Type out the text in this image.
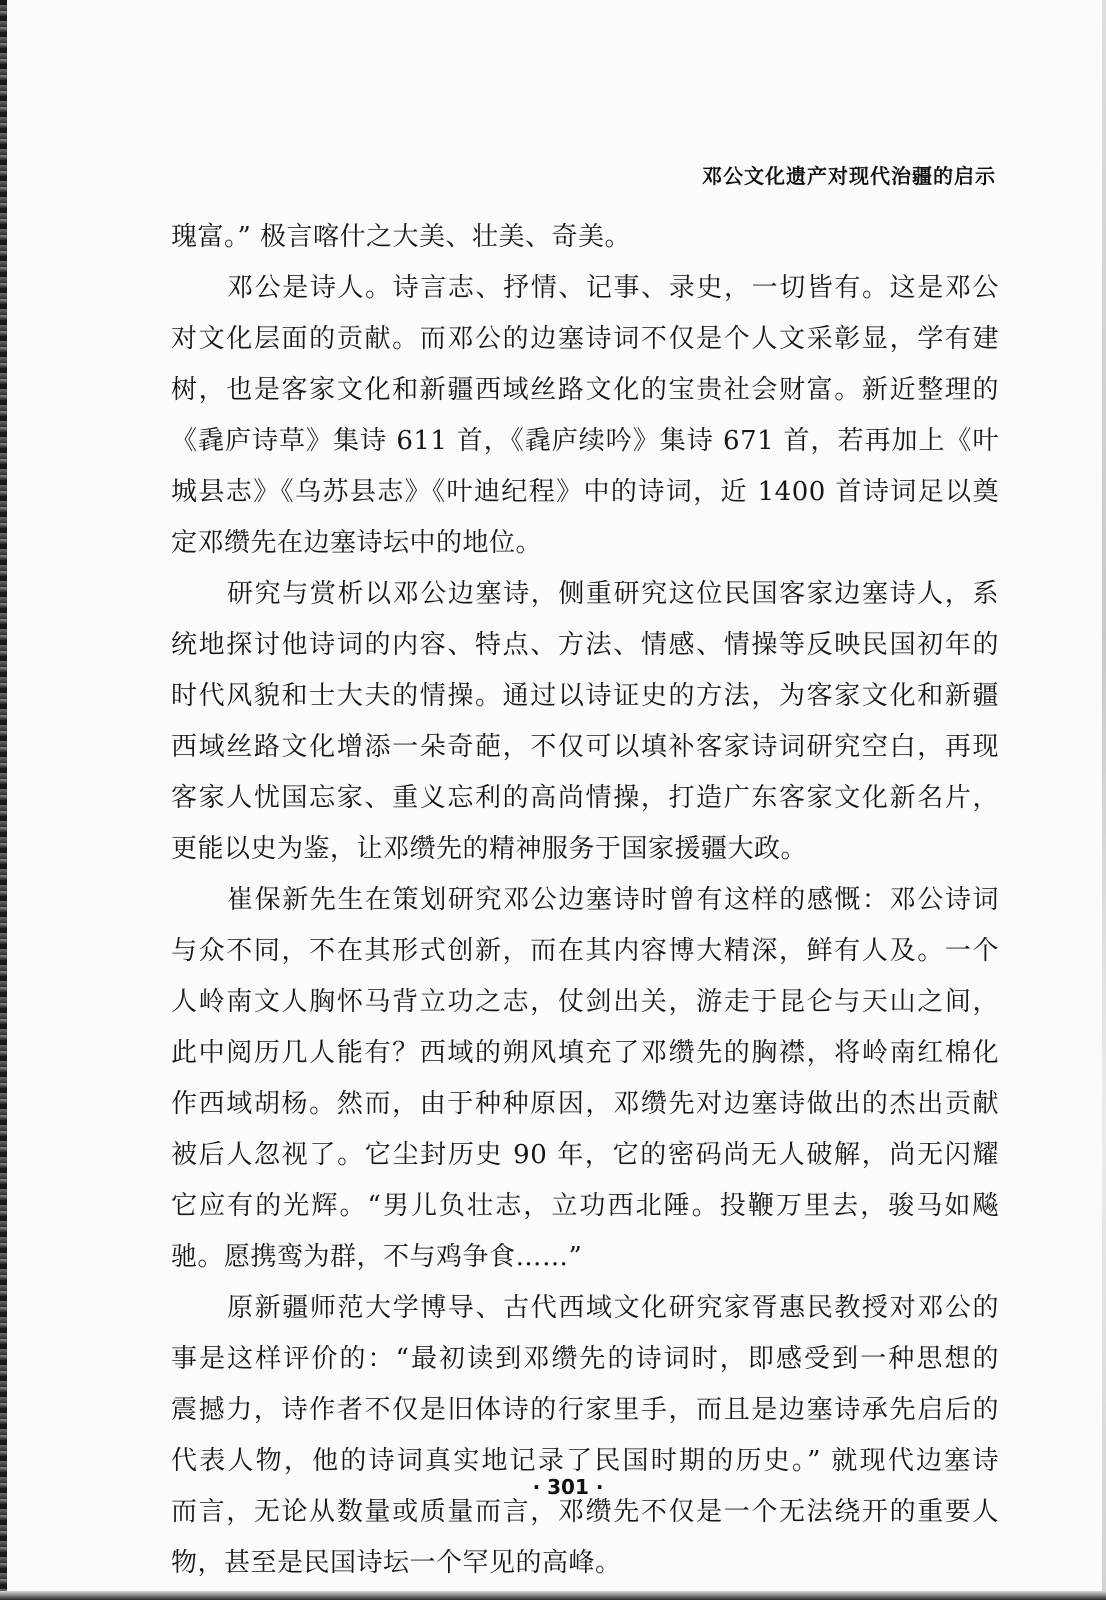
邓公文化遗产对现代治疆的启示
瑰富。” 极言喀什之大美、壮美、奇美。
邓公是诗人。诗言志、抒情、记事、录史，一切皆有。这是邓公
对文化层面的贡献。而邓公的边塞诗词不仅是个人文采彰显，学有建
树，也是客家文化和新疆西域丝路文化的宝贵社会财富。新近整理的
《毳庐诗草》集诗 611 首，《毳庐续吟》集诗 671 首，若再加上《叶
城县志》《乌苏县志》《叶迪纪程》中的诗词，近 1400 首诗词足以奠
定邓缵先在边塞诗坛中的地位。
研究与赏析以邓公边塞诗，侧重研究这位民国客家边塞诗人，系
统地探讨他诗词的内容、特点、方法、情感、情操等反映民国初年的
时代风貌和士大夫的情操。通过以诗证史的方法，为客家文化和新疆
西域丝路文化增添一朵奇葩，不仅可以填补客家诗词研究空白，再现
客家人忧国忘家、重义忘利的高尚情操，打造广东客家文化新名片，
更能以史为鉴，让邓缵先的精神服务于国家援疆大政。
崔保新先生在策划研究邓公边塞诗时曾有这样的感慨：邓公诗词
与众不同，不在其形式创新，而在其内容博大精深，鲜有人及。一个
人岭南文人胸怀马背立功之志，仗剑出关，游走于昆仑与天山之间，
此中阅历几人能有？西域的朔风填充了邓缵先的胸襟，将岭南红棉化
作西域胡杨。然而，由于种种原因，邓缵先对边塞诗做出的杰出贡献
被后人忽视了。它尘封历史 90 年，它的密码尚无人破解，尚无闪耀
它应有的光辉。“男儿负壮志，立功西北陲。投鞭万里去，骏马如飚
驰。愿携鸾为群，不与鸡争食……”
原新疆师范大学博导、古代西域文化研究家胥惠民教授对邓公的
事是这样评价的：“最初读到邓缵先的诗词时，即感受到一种思想的
震撼力，诗作者不仅是旧体诗的行家里手，而且是边塞诗承先启后的
代表人物，他的诗词真实地记录了民国时期的历史。” 就现代边塞诗
而言，无论从数量或质量而言，邓缵先不仅是一个无法绕开的重要人
物，甚至是民国诗坛一个罕见的高峰。
· 301 ·
